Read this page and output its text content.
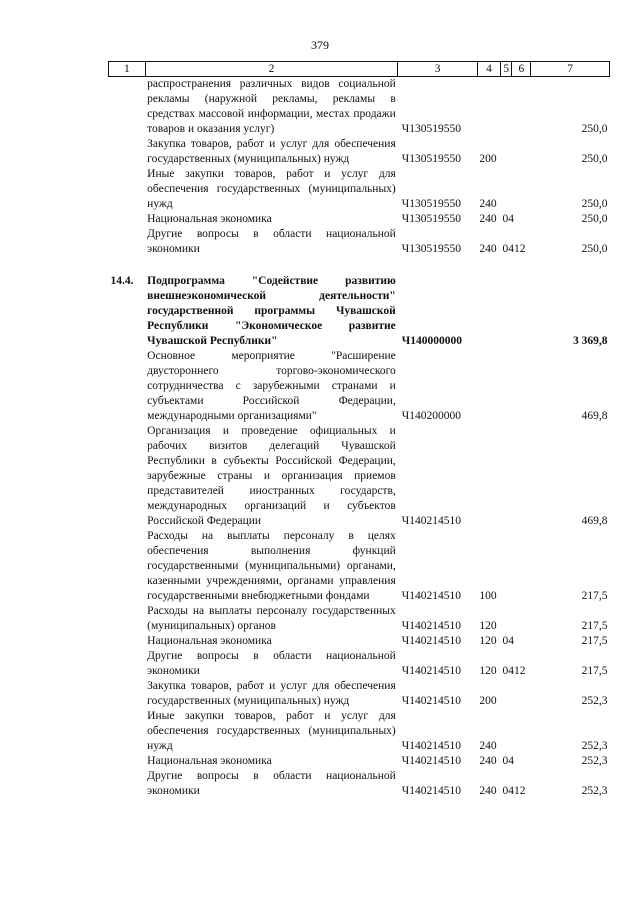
379
1	2	3	4	5	6	7
	распространения различных видов социальной рекламы (наружной рекламы, рекламы в средствах массовой информации, местах продажи товаров и оказания услуг)	Ч130519550				250,0
	Закупка товаров, работ и услуг для обеспечения государственных (муниципальных) нужд	Ч130519550	200			250,0
	Иные закупки товаров, работ и услуг для обеспечения государственных (муниципальных) нужд	Ч130519550	240			250,0
	Национальная экономика	Ч130519550	240	04		250,0
	Другие вопросы в области национальной экономики	Ч130519550	240	04	12	250,0

14.4.	Подпрограмма "Содействие развитию внешнеэкономической деятельности" государственной программы Чувашской Республики "Экономическое развитие Чувашской Республики"	Ч140000000				3 369,8
	Основное мероприятие "Расширение двустороннего торгово-экономического сотрудничества с зарубежными странами и субъектами Российской Федерации, международными организациями"	Ч140200000				469,8
	Организация и проведение официальных и рабочих визитов делегаций Чувашской Республики в субъекты Российской Федерации, зарубежные страны и организация приемов представителей иностранных государств, международных организаций и субъектов Российской Федерации	Ч140214510				469,8
	Расходы на выплаты персоналу в целях обеспечения выполнения функций государственными (муниципальными) органами, казенными учреждениями, органами управления государственными внебюджетными фондами	Ч140214510	100			217,5
	Расходы на выплаты персоналу государственных (муниципальных) органов	Ч140214510	120			217,5
	Национальная экономика	Ч140214510	120	04		217,5
	Другие вопросы в области национальной экономики	Ч140214510	120	04	12	217,5
	Закупка товаров, работ и услуг для обеспечения государственных (муниципальных) нужд	Ч140214510	200			252,3
	Иные закупки товаров, работ и услуг для обеспечения государственных (муниципальных) нужд	Ч140214510	240			252,3
	Национальная экономика	Ч140214510	240	04		252,3
	Другие вопросы в области национальной экономики	Ч140214510	240	04	12	252,3
